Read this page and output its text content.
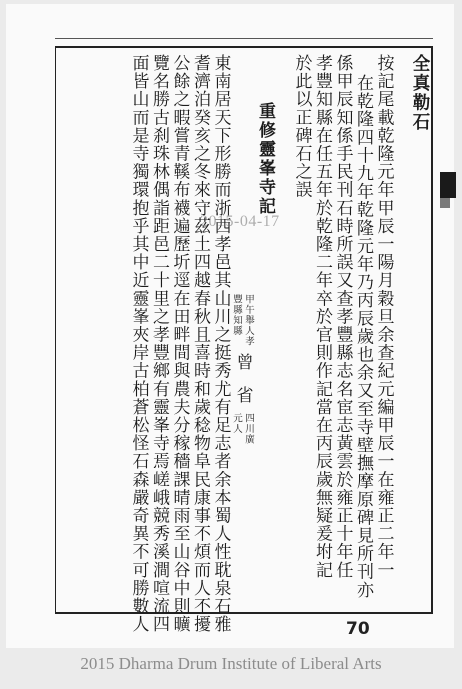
全真勒石
按記尾載乾隆元年甲辰一陽月穀旦余查紀元編甲辰一在雍正二年一
在乾隆四十九年乾隆元年乃丙辰歲也余又至寺壁撫摩原碑見所刊亦
係甲辰知係手民刊石時所誤又查孝豐縣志名宦志黃雲於雍正十年任
孝豐知縣在任五年於乾隆二年卒於官則作記當在丙辰歲無疑爰坿記
於此以正碑石之誤
重修靈峯寺記
甲午舉人孝
豐縣知縣
曾
省
四川廣
元人
東南居天下形勝而浙西孝邑其山川之挺秀尤有足志者余本蜀人性耽泉石雅
耆濟泊癸亥之冬來守茲土四越春秋且喜時和歲稔物阜民康事不煩而人不擾
公餘之暇嘗青鞵布襪遍歷圻逕在田畔間與農夫分稼穡課晴雨至山谷中則曠
覽名勝古刹珠林偶詣距邑二十里之孝豐鄉有靈峯寺焉嵯峨競秀溪澗喧流四
面皆山而是寺獨環抱乎其中近靈峯夾岸古柏蒼松怪石森嚴奇異不可勝數人	2015-04-17
70
2015 Dharma Drum Institute of Liberal Arts
